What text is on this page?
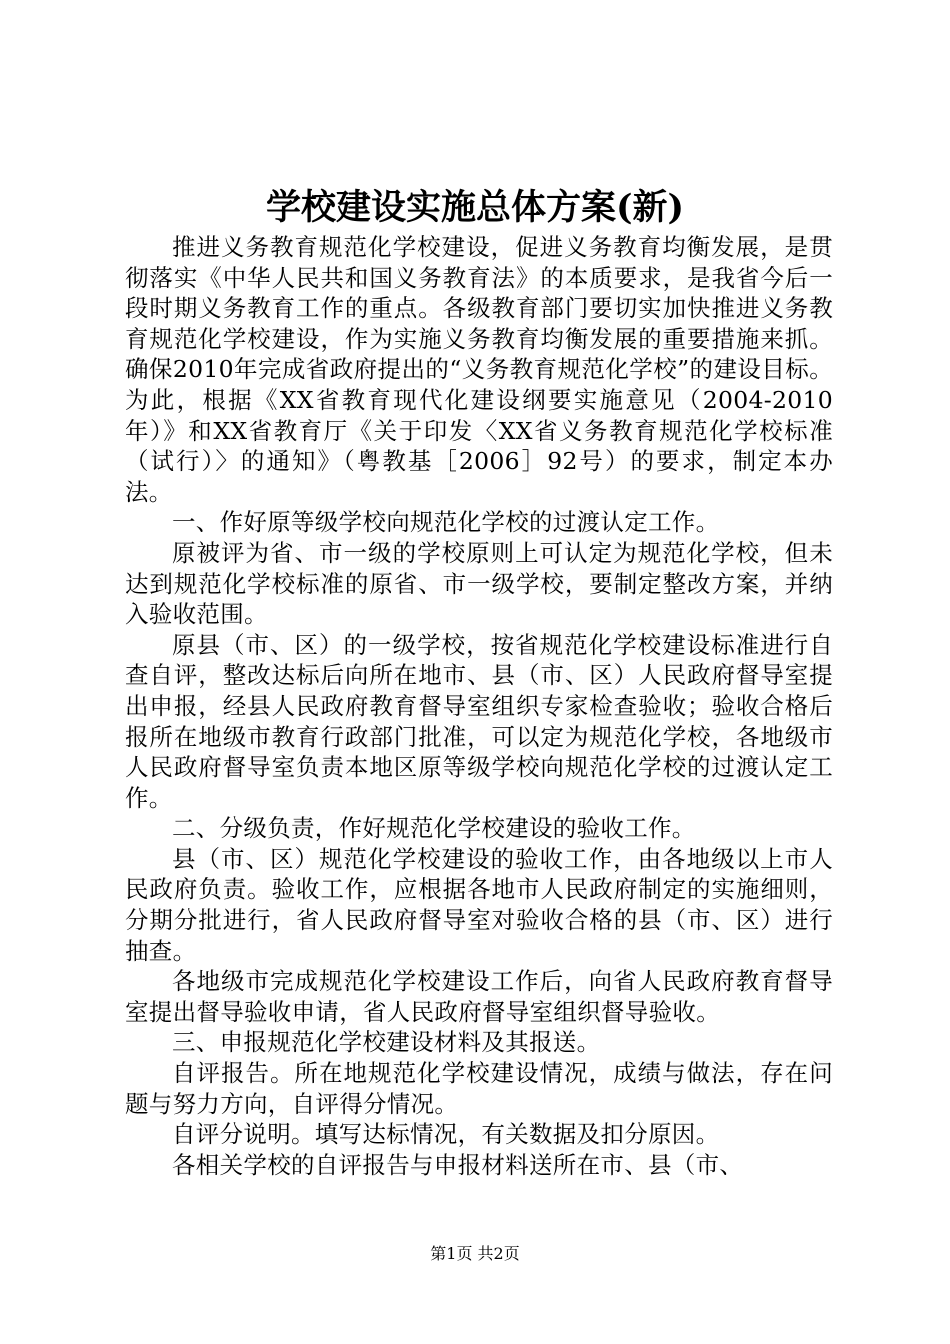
学校建设实施总体方案(新)

推进义务教育规范化学校建设，促进义务教育均衡发展，是贯彻落实《中华人民共和国义务教育法》的本质要求，是我省今后一段时期义务教育工作的重点。各级教育部门要切实加快推进义务教育规范化学校建设，作为实施义务教育均衡发展的重要措施来抓。确保2010年完成省政府提出的“义务教育规范化学校”的建设目标。为此，根据《XX省教育现代化建设纲要实施意见（2004-2010年）》和XX省教育厅《关于印发〈XX省义务教育规范化学校标准（试行）〉的通知》（粤教基［2006］92号）的要求，制定本办法。

一、作好原等级学校向规范化学校的过渡认定工作。

原被评为省、市一级的学校原则上可认定为规范化学校，但未达到规范化学校标准的原省、市一级学校，要制定整改方案，并纳入验收范围。

原县（市、区）的一级学校，按省规范化学校建设标准进行自查自评，整改达标后向所在地市、县（市、区）人民政府督导室提出申报，经县人民政府教育督导室组织专家检查验收；验收合格后报所在地级市教育行政部门批准，可以定为规范化学校，各地级市人民政府督导室负责本地区原等级学校向规范化学校的过渡认定工作。

二、分级负责，作好规范化学校建设的验收工作。

县（市、区）规范化学校建设的验收工作，由各地级以上市人民政府负责。验收工作，应根据各地市人民政府制定的实施细则，分期分批进行，省人民政府督导室对验收合格的县（市、区）进行抽查。

各地级市完成规范化学校建设工作后，向省人民政府教育督导室提出督导验收申请，省人民政府督导室组织督导验收。

三、申报规范化学校建设材料及其报送。

自评报告。所在地规范化学校建设情况，成绩与做法，存在问题与努力方向，自评得分情况。

自评分说明。填写达标情况，有关数据及扣分原因。

各相关学校的自评报告与申报材料送所在市、县（市、

第1页 共2页
